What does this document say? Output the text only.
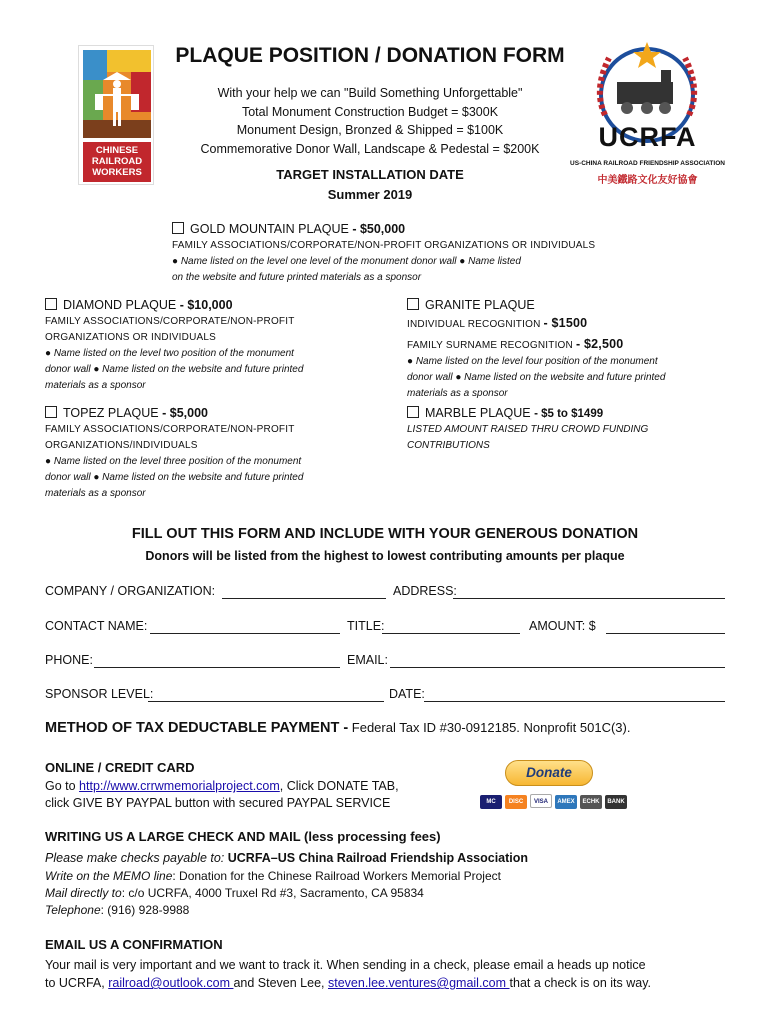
CHINESE
RAILROAD
WORKERS
UCRFA
US-CHINA RAILROAD FRIENDSHIP ASSOCIATION
中美鐵路文化友好協會
PLAQUE POSITION / DONATION FORM
With your help we can "Build Something Unforgettable"
Total Monument Construction Budget = $300K
Monument Design, Bronzed & Shipped = $100K
Commemorative Donor Wall, Landscape & Pedestal = $200K
TARGET INSTALLATION DATE
Summer 2019
GOLD MOUNTAIN PLAQUE - $50,000
FAMILY ASSOCIATIONS/CORPORATE/NON-PROFIT ORGANIZATIONS OR INDIVIDUALS
● Name listed on the level one level of the monument donor wall ● Name listed
on the website and future printed materials as a sponsor
DIAMOND PLAQUE - $10,000
FAMILY ASSOCIATIONS/CORPORATE/NON-PROFIT
ORGANIZATIONS OR INDIVIDUALS
● Name listed on the level two position of the monument
donor wall ● Name listed on the website and future printed
materials as a sponsor
GRANITE PLAQUE
INDIVIDUAL RECOGNITION - $1500
FAMILY SURNAME RECOGNITION - $2,500
● Name listed on the level four position of the monument
donor wall ● Name listed on the website and future printed
materials as a sponsor
TOPEZ PLAQUE - $5,000
FAMILY ASSOCIATIONS/CORPORATE/NON-PROFIT
ORGANIZATIONS/INDIVIDUALS
● Name listed on the level three position of the monument
donor wall ● Name listed on the website and future printed
materials as a sponsor
MARBLE PLAQUE - $5 to $1499
LISTED AMOUNT RAISED THRU CROWD FUNDING
CONTRIBUTIONS
FILL OUT THIS FORM AND INCLUDE WITH YOUR GENEROUS DONATION
Donors will be listed from the highest to lowest contributing amounts per plaque
COMPANY / ORGANIZATION:	ADDRESS:
CONTACT NAME:	TITLE:	AMOUNT: $
PHONE:	EMAIL:
SPONSOR LEVEL:	DATE:
METHOD OF TAX DEDUCTABLE PAYMENT - Federal Tax ID #30-0912185. Nonprofit 501C(3).
ONLINE / CREDIT CARD
Go to http://www.crrwmemorialproject.com, Click DONATE TAB,
click GIVE BY PAYPAL button with secured PAYPAL SERVICE
Donate
MC DISC VISA AMEX ECHK BANK
WRITING US A LARGE CHECK AND MAIL (less processing fees)
Please make checks payable to: UCRFA–US China Railroad Friendship Association
Write on the MEMO line: Donation for the Chinese Railroad Workers Memorial Project
Mail directly to: c/o UCRFA, 4000 Truxel Rd #3, Sacramento, CA 95834
Telephone: (916) 928-9988
EMAIL US A CONFIRMATION
Your mail is very important and we want to track it. When sending in a check, please email a heads up notice
to UCRFA, railroad@outlook.com and Steven Lee, steven.lee.ventures@gmail.com that a check is on its way.
